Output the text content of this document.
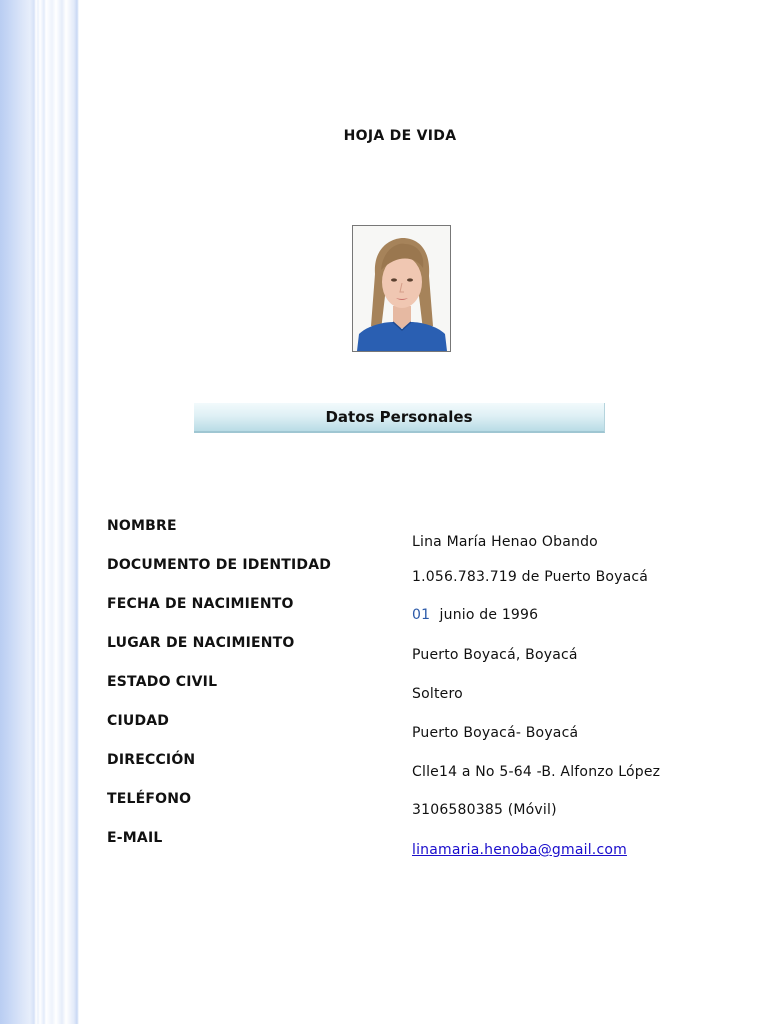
HOJA DE VIDA
Datos Personales
NOMBRE
DOCUMENTO DE IDENTIDAD
FECHA DE NACIMIENTO
LUGAR DE NACIMIENTO
ESTADO CIVIL
CIUDAD
DIRECCIÓN
TELÉFONO
E-MAIL
Lina María Henao Obando
1.056.783.719 de Puerto Boyacá
01 junio de 1996
Puerto Boyacá, Boyacá
Soltero
Puerto Boyacá- Boyacá
Clle14 a No 5-64 -B. Alfonzo López
3106580385 (Móvil)
linamaria.henoba@gmail.com
